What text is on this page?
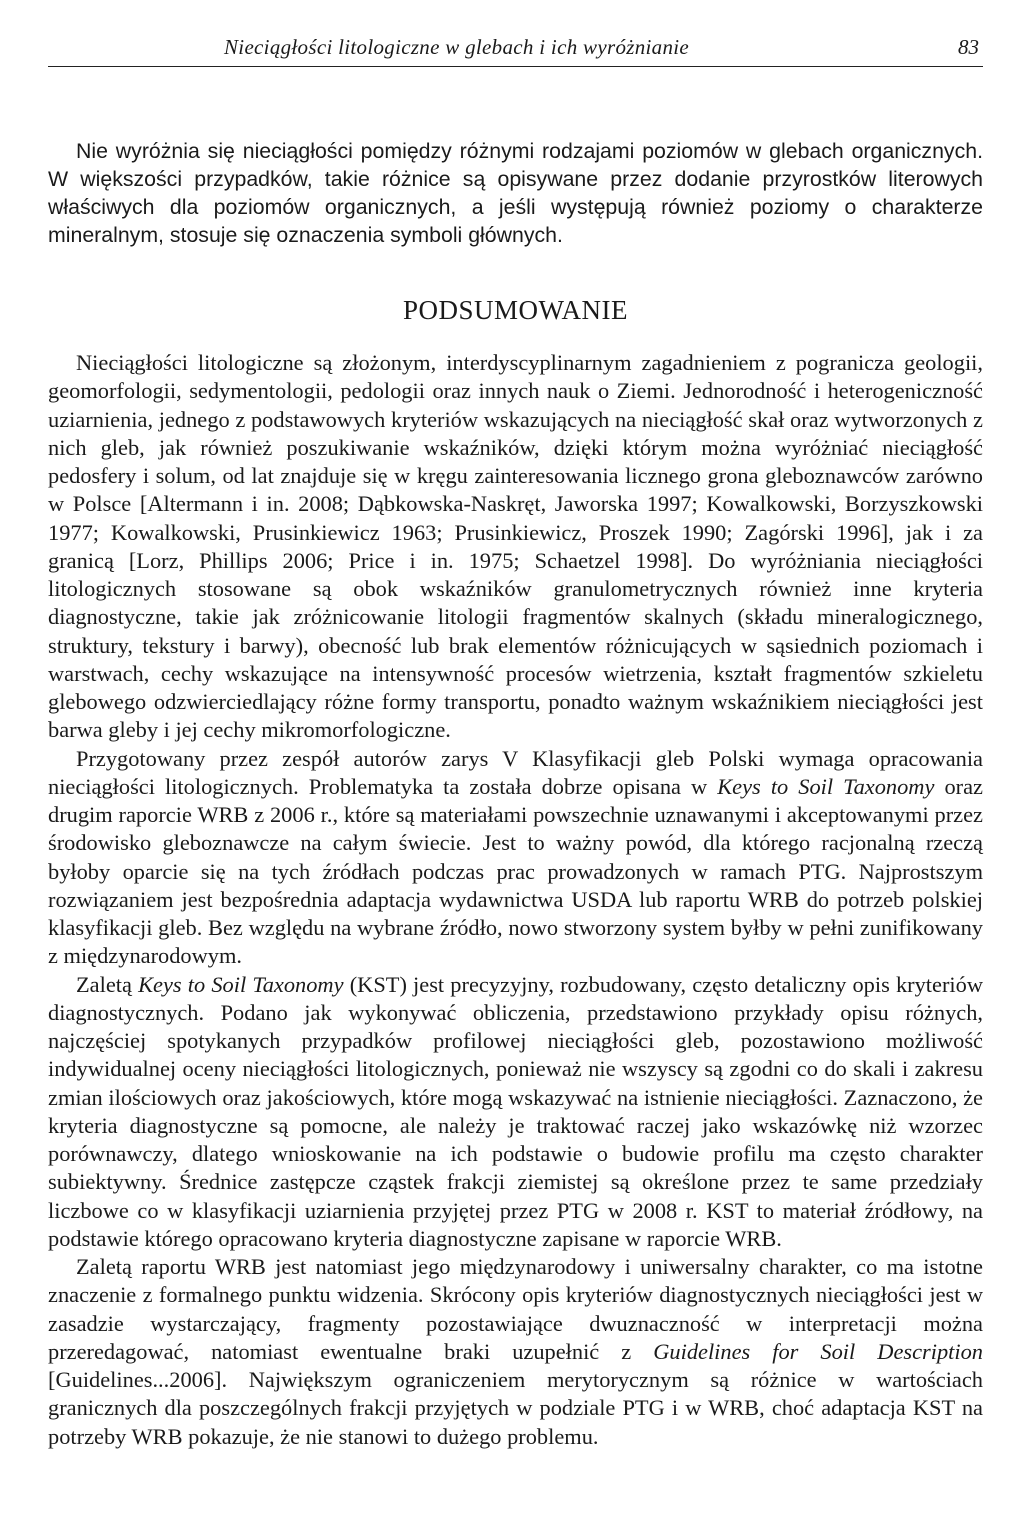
Nieciągłości litologiczne w glebach i ich wyróżnianie	83

Nie wyróżnia się nieciągłości pomiędzy różnymi rodzajami poziomów w glebach organicznych. W większości przypadków, takie różnice są opisywane przez dodanie przyrostków literowych właściwych dla poziomów organicznych, a jeśli występują również poziomy o charakterze mineralnym, stosuje się oznaczenia symboli głównych.

PODSUMOWANIE

Nieciągłości litologiczne są złożonym, interdyscyplinarnym zagadnieniem z pogranicza geologii, geomorfologii, sedymentologii, pedologii oraz innych nauk o Ziemi. Jednorodność i heterogeniczność uziarnienia, jednego z podstawowych kryteriów wskazujących na nieciągłość skał oraz wytworzonych z nich gleb, jak również poszukiwanie wskaźników, dzięki którym można wyróżniać nieciągłość pedosfery i solum, od lat znajduje się w kręgu zainteresowania licznego grona gleboznawców zarówno w Polsce [Altermann i in. 2008; Dąbkowska-Naskręt, Jaworska 1997; Kowalkowski, Borzyszkowski 1977; Kowalkowski, Prusinkiewicz 1963; Prusinkiewicz, Proszek 1990; Zagórski 1996], jak i za granicą [Lorz, Phillips 2006; Price i in. 1975; Schaetzel 1998]. Do wyróżniania nieciągłości litologicznych stosowane są obok wskaźników granulometrycznych również inne kryteria diagnostyczne, takie jak zróżnicowanie litologii fragmentów skalnych (składu mineralogicznego, struktury, tekstury i barwy), obecność lub brak elementów różnicujących w sąsiednich poziomach i warstwach, cechy wskazujące na intensywność procesów wietrzenia, kształt fragmentów szkieletu glebowego odzwierciedlający różne formy transportu, ponadto ważnym wskaźnikiem nieciągłości jest barwa gleby i jej cechy mikromorfologiczne.

Przygotowany przez zespół autorów zarys V Klasyfikacji gleb Polski wymaga opracowania nieciągłości litologicznych. Problematyka ta została dobrze opisana w Keys to Soil Taxonomy oraz drugim raporcie WRB z 2006 r., które są materiałami powszechnie uznawanymi i akceptowanymi przez środowisko gleboznawcze na całym świecie. Jest to ważny powód, dla którego racjonalną rzeczą byłoby oparcie się na tych źródłach podczas prac prowadzonych w ramach PTG. Najprostszym rozwiązaniem jest bezpośrednia adaptacja wydawnictwa USDA lub raportu WRB do potrzeb polskiej klasyfikacji gleb. Bez względu na wybrane źródło, nowo stworzony system byłby w pełni zunifikowany z międzynarodowym.

Zaletą Keys to Soil Taxonomy (KST) jest precyzyjny, rozbudowany, często detaliczny opis kryteriów diagnostycznych. Podano jak wykonywać obliczenia, przedstawiono przykłady opisu różnych, najczęściej spotykanych przypadków profilowej nieciągłości gleb, pozostawiono możliwość indywidualnej oceny nieciągłości litologicznych, ponieważ nie wszyscy są zgodni co do skali i zakresu zmian ilościowych oraz jakościowych, które mogą wskazywać na istnienie nieciągłości. Zaznaczono, że kryteria diagnostyczne są pomocne, ale należy je traktować raczej jako wskazówkę niż wzorzec porównawczy, dlatego wnioskowanie na ich podstawie o budowie profilu ma często charakter subiektywny. Średnice zastępcze cząstek frakcji ziemistej są określone przez te same przedziały liczbowe co w klasyfikacji uziarnienia przyjętej przez PTG w 2008 r. KST to materiał źródłowy, na podstawie którego opracowano kryteria diagnostyczne zapisane w raporcie WRB.

Zaletą raportu WRB jest natomiast jego międzynarodowy i uniwersalny charakter, co ma istotne znaczenie z formalnego punktu widzenia. Skrócony opis kryteriów diagnostycznych nieciągłości jest w zasadzie wystarczający, fragmenty pozostawiające dwuznaczność w interpretacji można przeredagować, natomiast ewentualne braki uzupełnić z Guidelines for Soil Description [Guidelines...2006]. Największym ograniczeniem merytorycznym są różnice w wartościach granicznych dla poszczególnych frakcji przyjętych w podziale PTG i w WRB, choć adaptacja KST na potrzeby WRB pokazuje, że nie stanowi to dużego problemu.
